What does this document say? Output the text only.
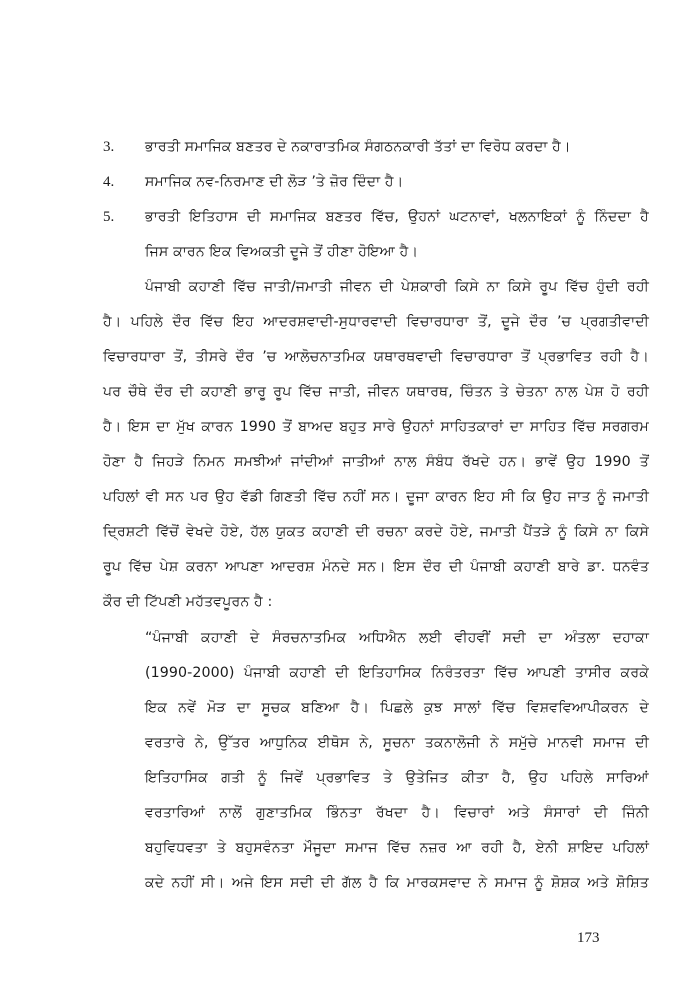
3. ਭਾਰਤੀ ਸਮਾਜਿਕ ਬਣਤਰ ਦੇ ਨਕਾਰਾਤਮਿਕ ਸੰਗਠਨਕਾਰੀ ਤੱਤਾਂ ਦਾ ਵਿਰੋਧ ਕਰਦਾ ਹੈ।
4. ਸਮਾਜਿਕ ਨਵ-ਨਿਰਮਾਣ ਦੀ ਲੋੜ ’ਤੇ ਜ਼ੋਰ ਦਿੰਦਾ ਹੈ।
5. ਭਾਰਤੀ ਇਤਿਹਾਸ ਦੀ ਸਮਾਜਿਕ ਬਣਤਰ ਵਿੱਚ, ਉਹਨਾਂ ਘਟਨਾਵਾਂ, ਖਲਨਾਇਕਾਂ ਨੂੰ ਨਿੰਦਦਾ ਹੈ
ਜਿਸ ਕਾਰਨ ਇਕ ਵਿਅਕਤੀ ਦੂਜੇ ਤੋਂ ਹੀਣਾ ਹੋਇਆ ਹੈ।
ਪੰਜਾਬੀ ਕਹਾਣੀ ਵਿੱਚ ਜਾਤੀ/ਜਮਾਤੀ ਜੀਵਨ ਦੀ ਪੇਸ਼ਕਾਰੀ ਕਿਸੇ ਨਾ ਕਿਸੇ ਰੂਪ ਵਿੱਚ ਹੁੰਦੀ ਰਹੀ
ਹੈ। ਪਹਿਲੇ ਦੌਰ ਵਿੱਚ ਇਹ ਆਦਰਸ਼ਵਾਦੀ-ਸੁਧਾਰਵਾਦੀ ਵਿਚਾਰਧਾਰਾ ਤੋਂ, ਦੂਜੇ ਦੌਰ ’ਚ ਪ੍ਰਗਤੀਵਾਦੀ
ਵਿਚਾਰਧਾਰਾ ਤੋਂ, ਤੀਸਰੇ ਦੌਰ ’ਚ ਆਲੋਚਨਾਤਮਿਕ ਯਥਾਰਥਵਾਦੀ ਵਿਚਾਰਧਾਰਾ ਤੋਂ ਪ੍ਰਭਾਵਿਤ ਰਹੀ ਹੈ।
ਪਰ ਚੌਥੇ ਦੌਰ ਦੀ ਕਹਾਣੀ ਭਾਰੂ ਰੂਪ ਵਿੱਚ ਜਾਤੀ, ਜੀਵਨ ਯਥਾਰਥ, ਚਿੰਤਨ ਤੇ ਚੇਤਨਾ ਨਾਲ ਪੇਸ਼ ਹੋ ਰਹੀ
ਹੈ। ਇਸ ਦਾ ਮੁੱਖ ਕਾਰਨ 1990 ਤੋਂ ਬਾਅਦ ਬਹੁਤ ਸਾਰੇ ਉਹਨਾਂ ਸਾਹਿਤਕਾਰਾਂ ਦਾ ਸਾਹਿਤ ਵਿੱਚ ਸਰਗਰਮ
ਹੋਣਾ ਹੈ ਜਿਹੜੇ ਨਿਮਨ ਸਮਝੀਆਂ ਜਾਂਦੀਆਂ ਜਾਤੀਆਂ ਨਾਲ ਸੰਬੰਧ ਰੱਖਦੇ ਹਨ। ਭਾਵੇਂ ਉਹ 1990 ਤੋਂ
ਪਹਿਲਾਂ ਵੀ ਸਨ ਪਰ ਉਹ ਵੱਡੀ ਗਿਣਤੀ ਵਿੱਚ ਨਹੀਂ ਸਨ। ਦੂਜਾ ਕਾਰਨ ਇਹ ਸੀ ਕਿ ਉਹ ਜਾਤ ਨੂੰ ਜਮਾਤੀ
ਦ੍ਰਿਸ਼ਟੀ ਵਿੱਚੋਂ ਵੇਖਦੇ ਹੋਏ, ਹੱਲ ਯੁਕਤ ਕਹਾਣੀ ਦੀ ਰਚਨਾ ਕਰਦੇ ਹੋਏ, ਜਮਾਤੀ ਪੈਂਤੜੇ ਨੂੰ ਕਿਸੇ ਨਾ ਕਿਸੇ
ਰੂਪ ਵਿੱਚ ਪੇਸ਼ ਕਰਨਾ ਆਪਣਾ ਆਦਰਸ਼ ਮੰਨਦੇ ਸਨ। ਇਸ ਦੌਰ ਦੀ ਪੰਜਾਬੀ ਕਹਾਣੀ ਬਾਰੇ ਡਾ. ਧਨਵੰਤ
ਕੌਰ ਦੀ ਟਿੱਪਣੀ ਮਹੱਤਵਪੂਰਨ ਹੈ :
“ਪੰਜਾਬੀ ਕਹਾਣੀ ਦੇ ਸੰਰਚਨਾਤਮਿਕ ਅਧਿਐਨ ਲਈ ਵੀਹਵੀਂ ਸਦੀ ਦਾ ਅੰਤਲਾ ਦਹਾਕਾ
(1990-2000) ਪੰਜਾਬੀ ਕਹਾਣੀ ਦੀ ਇਤਿਹਾਸਿਕ ਨਿਰੰਤਰਤਾ ਵਿੱਚ ਆਪਣੀ ਤਾਸੀਰ ਕਰਕੇ
ਇਕ ਨਵੇਂ ਮੋੜ ਦਾ ਸੂਚਕ ਬਣਿਆ ਹੈ। ਪਿਛਲੇ ਕੁਝ ਸਾਲਾਂ ਵਿੱਚ ਵਿਸ਼ਵਵਿਆਪੀਕਰਨ ਦੇ
ਵਰਤਾਰੇ ਨੇ, ਉੱਤਰ ਆਧੁਨਿਕ ਈਥੋਸ ਨੇ, ਸੂਚਨਾ ਤਕਨਾਲੋਜੀ ਨੇ ਸਮੁੱਚੇ ਮਾਨਵੀ ਸਮਾਜ ਦੀ
ਇਤਿਹਾਸਿਕ ਗਤੀ ਨੂੰ ਜਿਵੇਂ ਪ੍ਰਭਾਵਿਤ ਤੇ ਉਤੇਜਿਤ ਕੀਤਾ ਹੈ, ਉਹ ਪਹਿਲੇ ਸਾਰਿਆਂ
ਵਰਤਾਰਿਆਂ ਨਾਲੋਂ ਗੁਣਾਤਮਿਕ ਭਿੰਨਤਾ ਰੱਖਦਾ ਹੈ। ਵਿਚਾਰਾਂ ਅਤੇ ਸੰਸਾਰਾਂ ਦੀ ਜਿੰਨੀ
ਬਹੁਵਿਧਵਤਾ ਤੇ ਬਹੁਸਵੰਨਤਾ ਮੌਜੂਦਾ ਸਮਾਜ ਵਿੱਚ ਨਜ਼ਰ ਆ ਰਹੀ ਹੈ, ਏਨੀ ਸ਼ਾਇਦ ਪਹਿਲਾਂ
ਕਦੇ ਨਹੀਂ ਸੀ। ਅਜੇ ਇਸ ਸਦੀ ਦੀ ਗੱਲ ਹੈ ਕਿ ਮਾਰਕਸਵਾਦ ਨੇ ਸਮਾਜ ਨੂੰ ਸ਼ੋਸ਼ਕ ਅਤੇ ਸ਼ੋਸ਼ਿਤ
173
